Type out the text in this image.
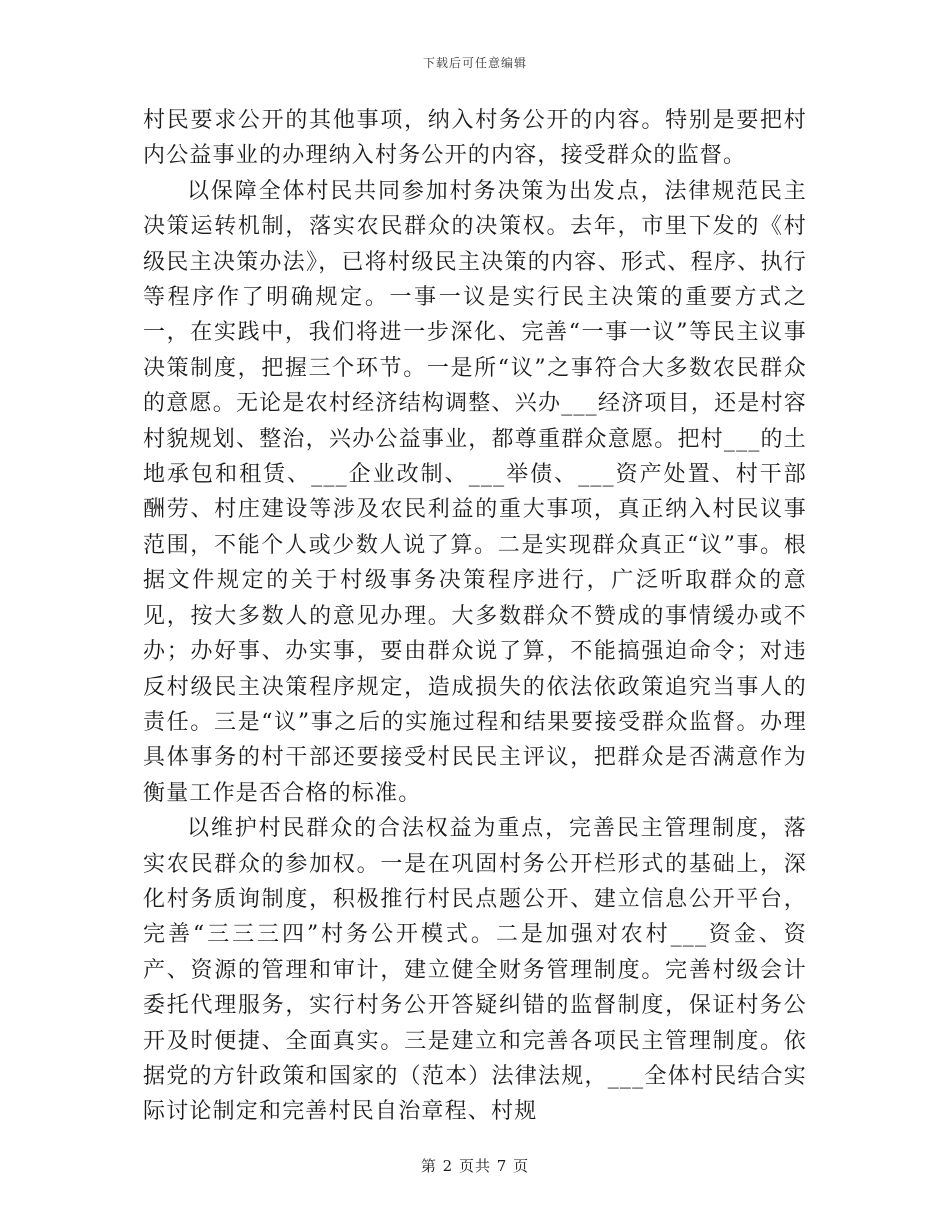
下载后可任意编辑

村民要求公开的其他事项，纳入村务公开的内容。特别是要把村内公益事业的办理纳入村务公开的内容，接受群众的监督。

以保障全体村民共同参加村务决策为出发点，法律规范民主决策运转机制，落实农民群众的决策权。去年，市里下发的《村级民主决策办法》，已将村级民主决策的内容、形式、程序、执行等程序作了明确规定。一事一议是实行民主决策的重要方式之一，在实践中，我们将进一步深化、完善“一事一议”等民主议事决策制度，把握三个环节。一是所“议”之事符合大多数农民群众的意愿。无论是农村经济结构调整、兴办___经济项目，还是村容村貌规划、整治，兴办公益事业，都尊重群众意愿。把村___的土地承包和租赁、___企业改制、___举债、___资产处置、村干部酬劳、村庄建设等涉及农民利益的重大事项，真正纳入村民议事范围，不能个人或少数人说了算。二是实现群众真正“议”事。根据文件规定的关于村级事务决策程序进行，广泛听取群众的意见，按大多数人的意见办理。大多数群众不赞成的事情缓办或不办；办好事、办实事，要由群众说了算，不能搞强迫命令；对违反村级民主决策程序规定，造成损失的依法依政策追究当事人的责任。三是“议”事之后的实施过程和结果要接受群众监督。办理具体事务的村干部还要接受村民民主评议，把群众是否满意作为衡量工作是否合格的标准。

以维护村民群众的合法权益为重点，完善民主管理制度，落实农民群众的参加权。一是在巩固村务公开栏形式的基础上，深化村务质询制度，积极推行村民点题公开、建立信息公开平台，完善“三三三四”村务公开模式。二是加强对农村___资金、资产、资源的管理和审计，建立健全财务管理制度。完善村级会计委托代理服务，实行村务公开答疑纠错的监督制度，保证村务公开及时便捷、全面真实。三是建立和完善各项民主管理制度。依据党的方针政策和国家的（范本）法律法规，___全体村民结合实际讨论制定和完善村民自治章程、村规

第 2 页共 7 页
